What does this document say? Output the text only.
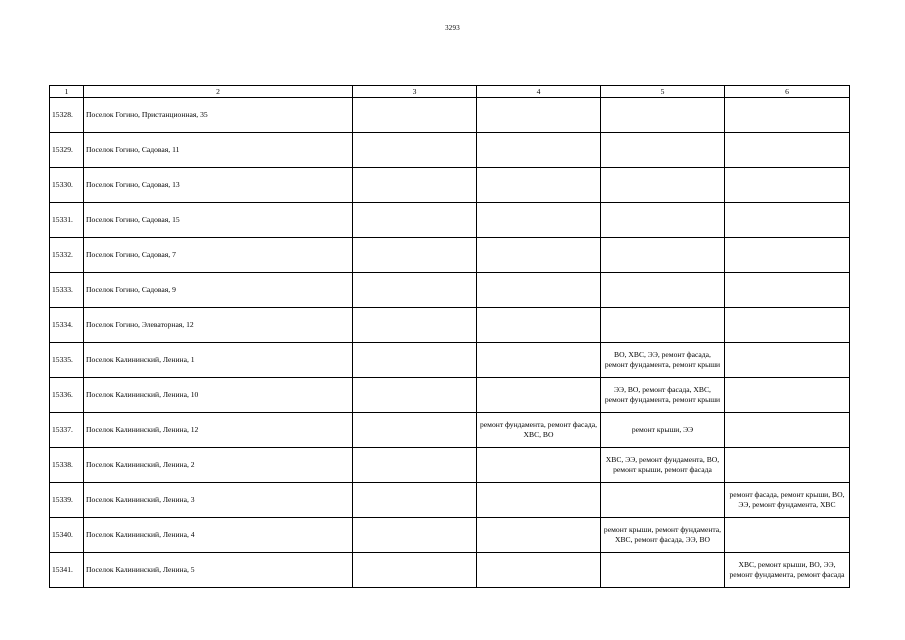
3293
1	2	3	4	5	6
15328.	Поселок Гогино, Пристанционная, 35				
15329.	Поселок Гогино, Садовая, 11				
15330.	Поселок Гогино, Садовая, 13				
15331.	Поселок Гогино, Садовая, 15				
15332.	Поселок Гогино, Садовая, 7				
15333.	Поселок Гогино, Садовая, 9				
15334.	Поселок Гогино, Элеваторная, 12				
15335.	Поселок Калининский, Ленина, 1			ВО, ХВС, ЭЭ, ремонт фасада, ремонт фундамента, ремонт крыши	
15336.	Поселок Калининский, Ленина, 10			ЭЭ, ВО, ремонт фасада, ХВС, ремонт фундамента, ремонт крыши	
15337.	Поселок Калининский, Ленина, 12		ремонт фундамента, ремонт фасада, ХВС, ВО	ремонт крыши, ЭЭ	
15338.	Поселок Калининский, Ленина, 2			ХВС, ЭЭ, ремонт фундамента, ВО, ремонт крыши, ремонт фасада	
15339.	Поселок Калининский, Ленина, 3				ремонт фасада, ремонт крыши, ВО, ЭЭ, ремонт фундамента, ХВС
15340.	Поселок Калининский, Ленина, 4			ремонт крыши, ремонт фундамента, ХВС, ремонт фасада, ЭЭ, ВО	
15341.	Поселок Калининский, Ленина, 5				ХВС, ремонт крыши, ВО, ЭЭ, ремонт фундамента, ремонт фасада
